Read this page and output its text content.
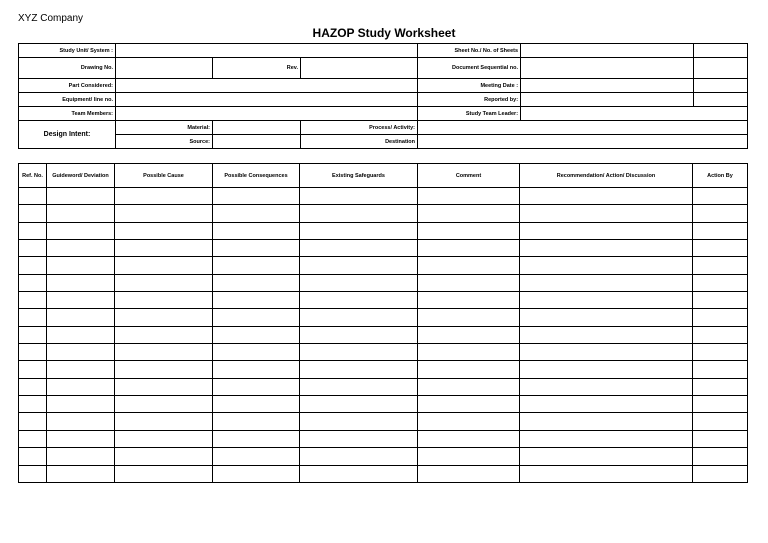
XYZ Company
HAZOP Study Worksheet
Study Unit/ System :				Sheet No./ No. of Sheets		
Drawing No.		Rev.		Document Sequential no.		
Part Considered:				Meeting Date :		
Equipment/ line no.				Reported by:		
Team Members:				Study Team Leader:		
Design Intent:	Material:		Process/ Activity:			
	Source:		Destination			
Ref. No.	Guideword/ Deviation	Possible Cause	Possible Consequences	Existing Safeguards	Comment	Recommendation/ Action/ Discussion	Action By
